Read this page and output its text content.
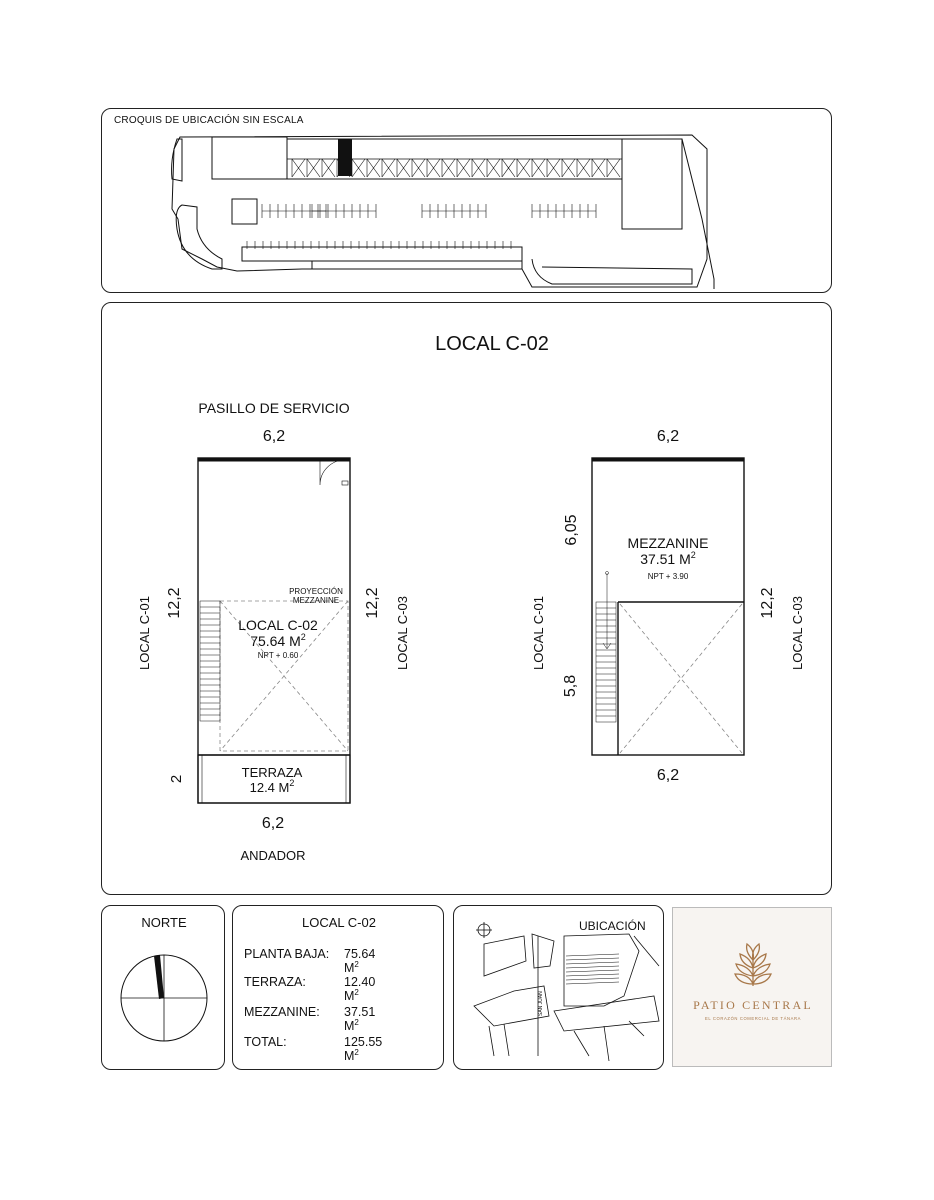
CROQUIS DE UBICACIÓN SIN ESCALA
LOCAL C-02
PASILLO DE SERVICIO
6,2
PROYECCIÓN
MEZZANINE
LOCAL C-02
75.64 $M^2$
NPT + 0.60
12,2
LOCAL C-01	12,2 LOCAL C-03
TERRAZA
12.4 $M^2$
2
6,2
ANDADOR
6,2
MEZZANINE
37.51 $M^2$
NPT + 3.90
6,05
LOCAL C-01
5,8
12,2 LOCAL C-03
6,2
NORTE	LOCAL C-02
PLANTA BAJA: 75.64 $M^2$
TERRAZA:	12.40 $M^2$
MEZZANINE: 37.51 $M^2$
TOTAL:	125.55 $M^2$
UBICACIÓN
SAN JUAN	PATIO CENTRAL
EL CORAZÓN COMERCIAL DE TÁNARA
